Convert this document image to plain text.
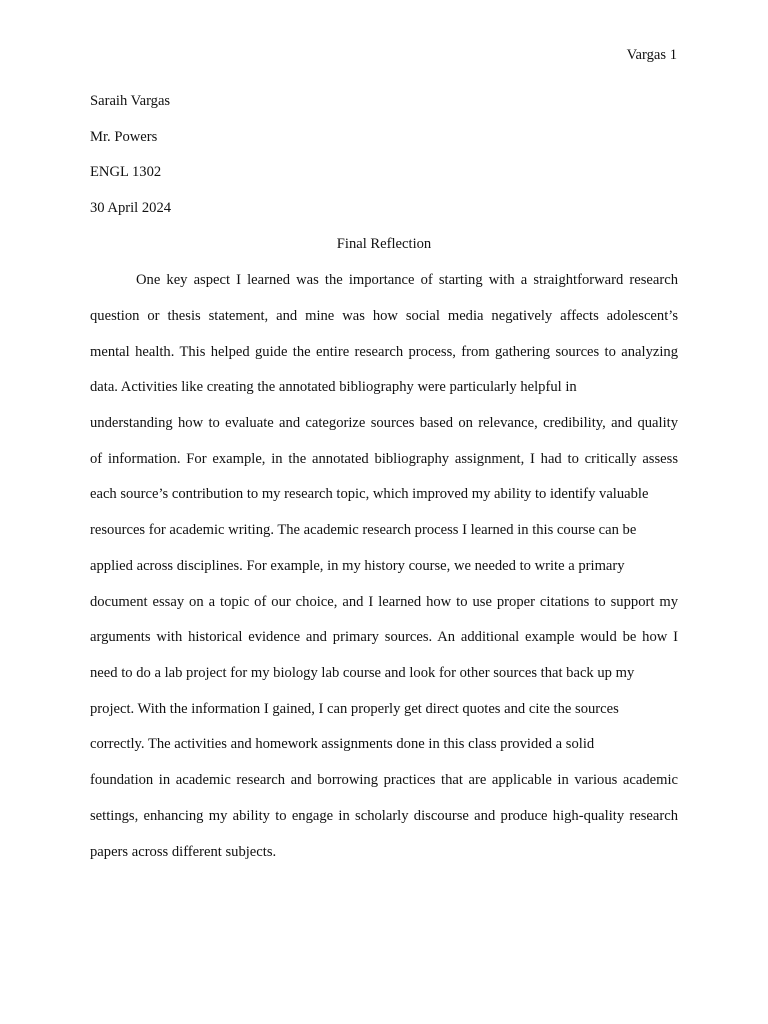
Vargas 1
Saraih Vargas
Mr. Powers
ENGL 1302
30 April 2024
Final Reflection
One key aspect I learned was the importance of starting with a straightforward research
question or thesis statement, and mine was how social media negatively affects adolescent’s
mental health. This helped guide the entire research process, from gathering sources to analyzing
data. Activities like creating the annotated bibliography were particularly helpful in
understanding how to evaluate and categorize sources based on relevance, credibility, and quality
of information. For example, in the annotated bibliography assignment, I had to critically assess
each source’s contribution to my research topic, which improved my ability to identify valuable
resources for academic writing. The academic research process I learned in this course can be
applied across disciplines. For example, in my history course, we needed to write a primary
document essay on a topic of our choice, and I learned how to use proper citations to support my
arguments with historical evidence and primary sources. An additional example would be how I
need to do a lab project for my biology lab course and look for other sources that back up my
project. With the information I gained, I can properly get direct quotes and cite the sources
correctly. The activities and homework assignments done in this class provided a solid
foundation in academic research and borrowing practices that are applicable in various academic
settings, enhancing my ability to engage in scholarly discourse and produce high-quality research
papers across different subjects.
